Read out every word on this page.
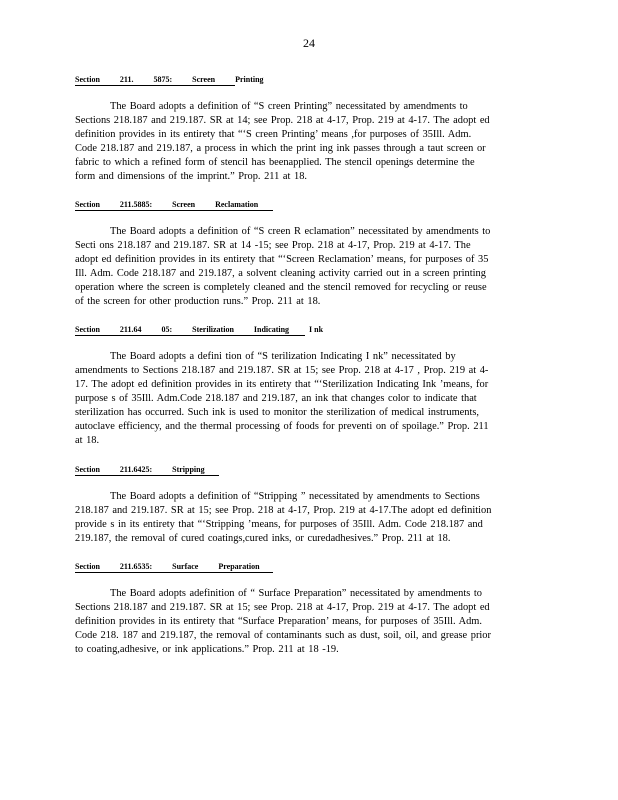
24
Section	211.	5875:	Screen	Printing
The Board adopts a definition of “S creen Printing” necessitated by amendments to
Sections 218.187 and 219.187. SR at 14; see Prop. 218 at 4-17, Prop. 219 at 4-17. The adopt ed
definition provides in its entirety that “‘S creen Printing’ means ,for purposes of 35Ill. Adm.
Code 218.187 and 219.187, a process in which the print ing ink passes through a taut screen or
fabric to which a refined form of stencil has beenapplied. The stencil openings determine the
form and dimensions of the imprint.” Prop. 211 at 18.
Section	211.5885:	Screen	Reclamation
The Board adopts a definition of “S creen R eclamation” necessitated by amendments to
Secti ons 218.187 and 219.187. SR at 14 -15; see Prop. 218 at 4-17, Prop. 219 at 4-17. The
adopt ed definition provides in its entirety that “‘Screen Reclamation’ means, for purposes of 35
Ill. Adm. Code 218.187 and 219.187, a solvent cleaning activity carried out in a screen printing
operation where the screen is completely cleaned and the stencil removed for recycling or reuse
of the screen for other production runs.” Prop. 211 at 18.
Section	211.64	05:	Sterilization	Indicating	I nk
The Board adopts a defini tion of “S terilization Indicating I nk” necessitated by
amendments to Sections 218.187 and 219.187. SR at 15; see Prop. 218 at 4-17 , Prop. 219 at 4-
17. The adopt ed definition provides in its entirety that “‘Sterilization Indicating Ink ’means, for
purpose s of 35Ill. Adm.Code 218.187 and 219.187, an ink that changes color to indicate that
sterilization has occurred. Such ink is used to monitor the sterilization of medical instruments,
autoclave efficiency, and the thermal processing of foods for preventi on of spoilage.” Prop. 211
at 18.
Section	211.6425:	Stripping
The Board adopts a definition of “Stripping ” necessitated by amendments to Sections
218.187 and 219.187. SR at 15; see Prop. 218 at 4-17, Prop. 219 at 4-17.The adopt ed definition
provide s in its entirety that “‘Stripping ’means, for purposes of 35Ill. Adm. Code 218.187 and
219.187, the removal of cured coatings,cured inks, or curedadhesives.” Prop. 211 at 18.
Section	211.6535:	Surface	Preparation
The Board adopts adefinition of “ Surface Preparation” necessitated by amendments to
Sections 218.187 and 219.187. SR at 15; see Prop. 218 at 4-17, Prop. 219 at 4-17. The adopt ed
definition provides in its entirety that “Surface Preparation’ means, for purposes of 35Ill. Adm.
Code 218. 187 and 219.187, the removal of contaminants such as dust, soil, oil, and grease prior
to coating,adhesive, or ink applications.” Prop. 211 at 18 -19.
